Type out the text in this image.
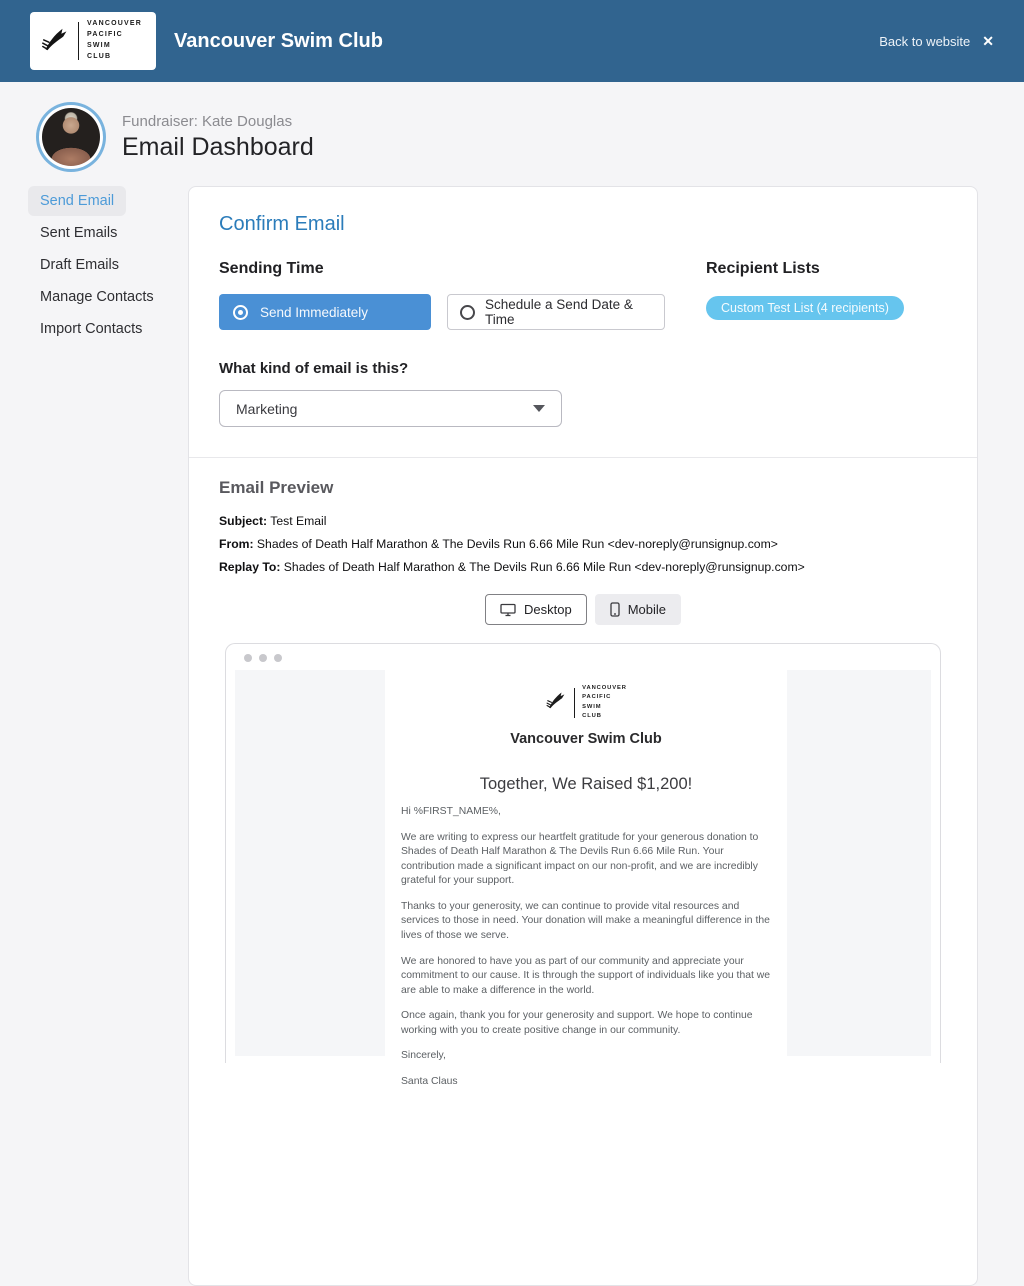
VANCOUVER
PACIFIC
SWIM
CLUB
Vancouver Swim Club	Back to website ✕
Fundraiser: Kate Douglas
Email Dashboard
Send Email
Sent Emails
Draft Emails
Manage Contacts
Import Contacts
Confirm Email
Sending Time
Send Immediately	Schedule a Send Date & Time
What kind of email is this?
Marketing
Recipient Lists
Custom Test List (4 recipients)
Email Preview
Subject: Test Email
From: Shades of Death Half Marathon & The Devils Run 6.66 Mile Run <dev-noreply@runsignup.com>
Replay To: Shades of Death Half Marathon & The Devils Run 6.66 Mile Run <dev-noreply@runsignup.com>
Desktop	Mobile
VANCOUVER
PACIFIC
SWIM
CLUB
Vancouver Swim Club
Together, We Raised $1,200!

Hi %FIRST_NAME%,

We are writing to express our heartfelt gratitude for your generous donation to Shades of Death Half Marathon & The Devils Run 6.66 Mile Run. Your contribution made a significant impact on our non-profit, and we are incredibly grateful for your support.

Thanks to your generosity, we can continue to provide vital resources and services to those in need. Your donation will make a meaningful difference in the lives of those we serve.

We are honored to have you as part of our community and appreciate your commitment to our cause. It is through the support of individuals like you that we are able to make a difference in the world.

Once again, thank you for your generosity and support. We hope to continue working with you to create positive change in our community.

Sincerely,

Santa Claus
